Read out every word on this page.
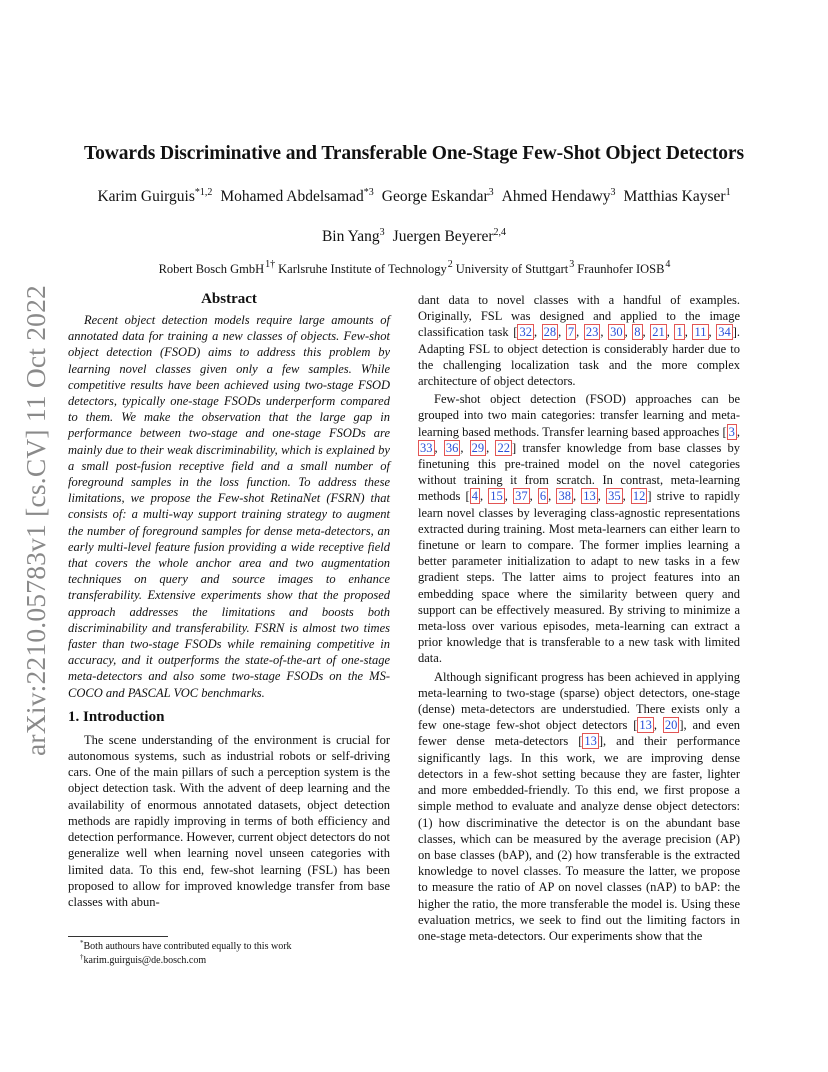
arXiv:2210.05783v1 [cs.CV] 11 Oct 2022
Towards Discriminative and Transferable One-Stage Few-Shot Object Detectors
Karim Guirguis$^{*1,2}$ Mohamed Abdelsamad$^{*3}$ George Eskandar$^3$ Ahmed Hendawy$^3$ Matthias Kayser$^1$
Bin Yang$^3$ Juergen Beyerer$^{2,4}$
Robert Bosch GmbH$^{1\dagger}$ Karlsruhe Institute of Technology$^2$ University of Stuttgart$^3$ Fraunhofer IOSB$^4$
Abstract

Recent object detection models require large amounts of annotated data for training a new classes of objects. Few-shot object detection (FSOD) aims to address this problem by learning novel classes given only a few samples. While competitive results have been achieved using two-stage FSOD detectors, typically one-stage FSODs underperform compared to them. We make the observation that the large gap in performance between two-stage and one-stage FSODs are mainly due to their weak discriminability, which is explained by a small post-fusion receptive field and a small number of foreground samples in the loss function. To address these limitations, we propose the Few-shot RetinaNet (FSRN) that consists of: a multi-way support training strategy to augment the number of foreground samples for dense meta-detectors, an early multi-level feature fusion providing a wide receptive field that covers the whole anchor area and two augmentation techniques on query and source images to enhance transferability. Extensive experiments show that the proposed approach addresses the limitations and boosts both discriminability and transferability. FSRN is almost two times faster than two-stage FSODs while remaining competitive in accuracy, and it outperforms the state-of-the-art of one-stage meta-detectors and also some two-stage FSODs on the MS-COCO and PASCAL VOC benchmarks.

1. Introduction

The scene understanding of the environment is crucial for autonomous systems, such as industrial robots or self-driving cars. One of the main pillars of such a perception system is the object detection task. With the advent of deep learning and the availability of enormous annotated datasets, object detection methods are rapidly improving in terms of both efficiency and detection performance. However, current object detectors do not generalize well when learning novel unseen categories with limited data. To this end, few-shot learning (FSL) has been proposed to allow for improved knowledge transfer from base classes with abun-

dant data to novel classes with a handful of examples. Originally, FSL was designed and applied to the image classification task [ 32 , 28 , 7 , 23 , 30 , 8 , 21 , 1 , 11 , 34 ]. Adapting FSL to object detection is considerably harder due to the challenging localization task and the more complex architecture of object detectors.

Few-shot object detection (FSOD) approaches can be grouped into two main categories: transfer learning and meta-learning based methods. Transfer learning based approaches [ 3 , 33 , 36 , 29 , 22 ] transfer knowledge from base classes by finetuning this pre-trained model on the novel categories without training it from scratch. In contrast, meta-learning methods [ 4 , 15 , 37 , 6 , 38 , 13 , 35 , 12 ] strive to rapidly learn novel classes by leveraging class-agnostic representations extracted during training. Most meta-learners can either learn to finetune or learn to compare. The former implies learning a better parameter initialization to adapt to new tasks in a few gradient steps. The latter aims to project features into an embedding space where the similarity between query and support can be effectively measured. By striving to minimize a meta-loss over various episodes, meta-learning can extract a prior knowledge that is transferable to a new task with limited data.

Although significant progress has been achieved in applying meta-learning to two-stage (sparse) object detectors, one-stage (dense) meta-detectors are understudied. There exists only a few one-stage few-shot object detectors [ 13 , 20 ], and even fewer dense meta-detectors [ 13 ], and their performance significantly lags. In this work, we are improving dense detectors in a few-shot setting because they are faster, lighter and more embedded-friendly. To this end, we first propose a simple method to evaluate and analyze dense object detectors: (1) how discriminative the detector is on the abundant base classes, which can be measured by the average precision (AP) on base classes (bAP), and (2) how transferable is the extracted knowledge to novel classes. To measure the latter, we propose to measure the ratio of AP on novel classes (nAP) to bAP: the higher the ratio, the more transferable the model is. Using these evaluation metrics, we seek to find out the limiting factors in one-stage meta-detectors. Our experiments show that the

*Both authours have contributed equally to this work
†karim.guirguis@de.bosch.com
